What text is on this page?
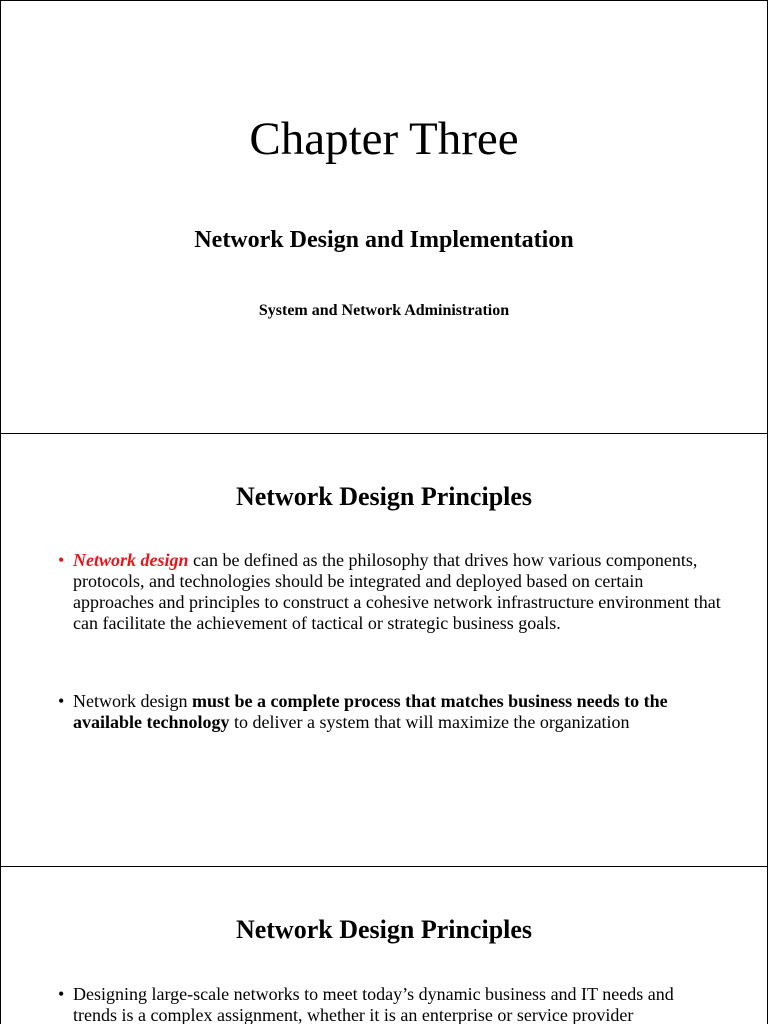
Chapter Three
Network Design and Implementation
System and Network Administration
Network Design Principles
• Network design can be defined as the philosophy that drives how various components, protocols, and technologies should be integrated and deployed based on certain approaches and principles to construct a cohesive network infrastructure environment that can facilitate the achievement of tactical or strategic business goals.
• Network design must be a complete process that matches business needs to the available technology to deliver a system that will maximize the organization
Network Design Principles
• Designing large-scale networks to meet today’s dynamic business and IT needs and trends is a complex assignment, whether it is an enterprise or service provider
